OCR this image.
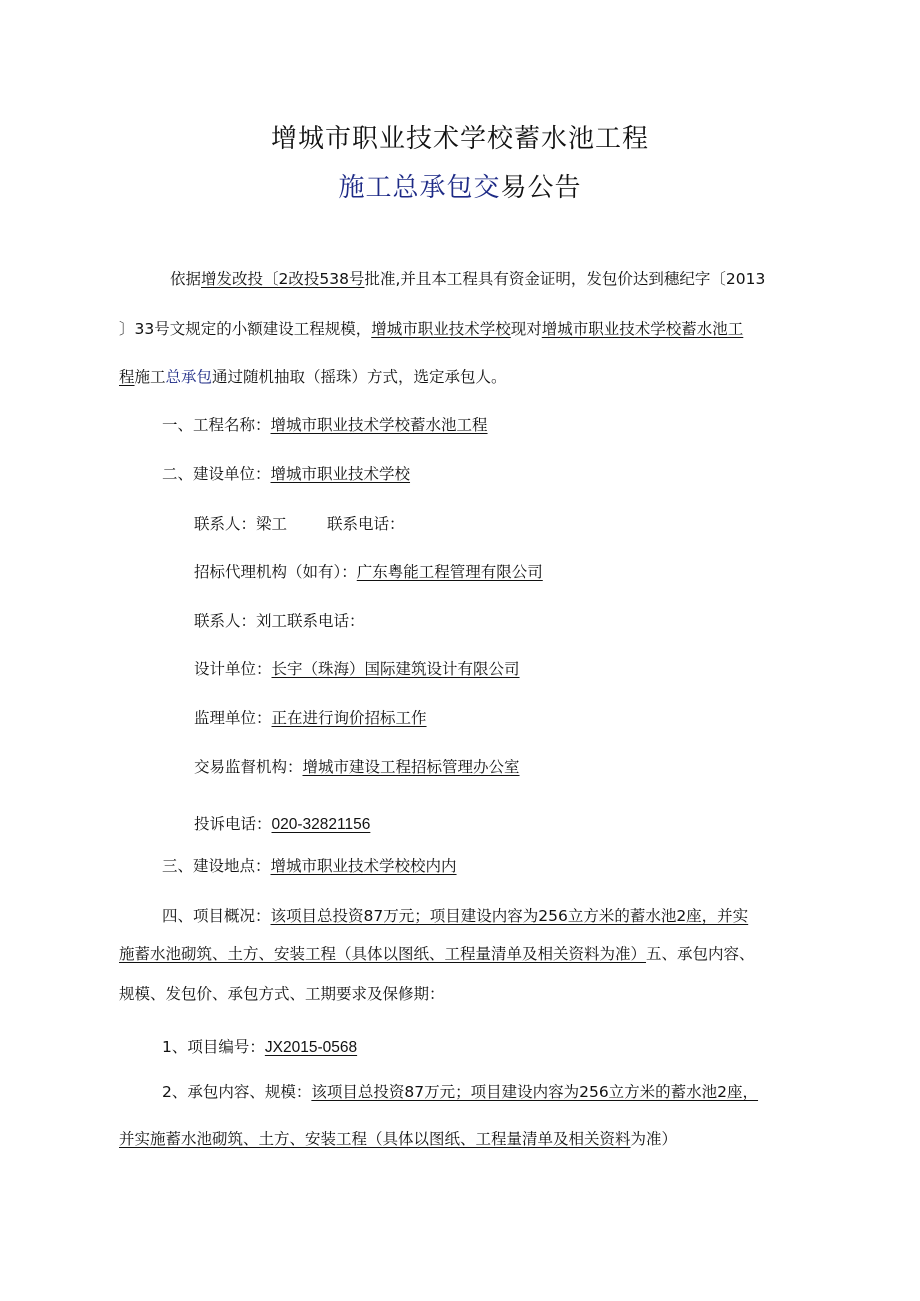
增城市职业技术学校蓄水池工程
施工总承包交易公告
依据增发改投〔2改投538号批准,并且本工程具有资金证明，发包价达到穗纪字〔2013
〕33号文规定的小额建设工程规模，增城市职业技术学校现对增城市职业技术学校蓄水池工
程施工总承包通过随机抽取（摇珠）方式，选定承包人。
一、工程名称：增城市职业技术学校蓄水池工程
二、建设单位：增城市职业技术学校
联系人：梁工	联系电话：
招标代理机构（如有）：广东粤能工程管理有限公司
联系人：刘工联系电话：
设计单位：长宇（珠海）国际建筑设计有限公司
监理单位：正在进行询价招标工作
交易监督机构：增城市建设工程招标管理办公室
投诉电话：020-32821156
三、建设地点：增城市职业技术学校校内内
四、项目概况：该项目总投资87万元；项目建设内容为256立方米的蓄水池2座，并实
施蓄水池砌筑、土方、安装工程（具体以图纸、工程量清单及相关资料为准）五、承包内容、
规模、发包价、承包方式、工期要求及保修期：
1、项目编号：JX2015-0568
2、承包内容、规模：该项目总投资87万元；项目建设内容为256立方米的蓄水池2座，
并实施蓄水池砌筑、土方、安装工程（具体以图纸、工程量清单及相关资料为准）
